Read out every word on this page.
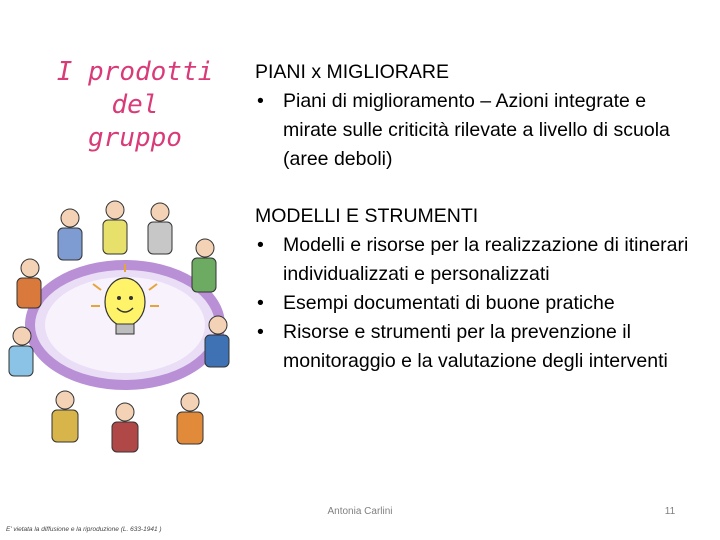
I prodotti
del
gruppo

PIANI x MIGLIORARE

• Piani di miglioramento – Azioni integrate e mirate sulle criticità rilevate a livello di scuola (aree deboli)

MODELLI E STRUMENTI

• Modelli e risorse per la realizzazione di itinerari individualizzati e personalizzati
• Esempi documentati di buone pratiche
• Risorse e strumenti per la prevenzione il monitoraggio e la valutazione degli interventi
Antonia Carlini	11
E' vietata la diffusione e la riproduzione (L. 633-1941 )
